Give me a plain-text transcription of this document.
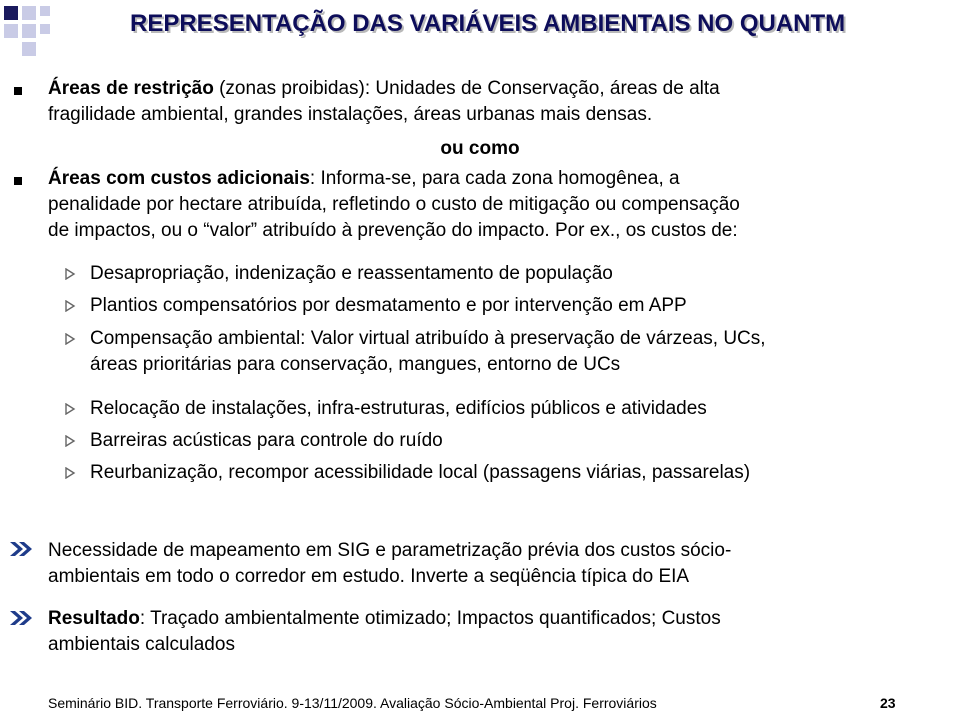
REPRESENTAÇÃO DAS VARIÁVEIS AMBIENTAIS NO QUANTM
Áreas de restrição (zonas proibidas): Unidades de Conservação, áreas de alta
fragilidade ambiental, grandes instalações, áreas urbanas mais densas.
ou como
Áreas com custos adicionais: Informa-se, para cada zona homogênea, a
penalidade por hectare atribuída, refletindo o custo de mitigação ou compensação
de impactos, ou o “valor” atribuído à prevenção do impacto. Por ex., os custos de:
Desapropriação, indenização e reassentamento de população
Plantios compensatórios por desmatamento e por intervenção em APP
Compensação ambiental: Valor virtual atribuído à preservação de várzeas, UCs,
áreas prioritárias para conservação, mangues, entorno de UCs
Relocação de instalações, infra-estruturas, edifícios públicos e atividades
Barreiras acústicas para controle do ruído
Reurbanização, recompor acessibilidade local (passagens viárias, passarelas)
Necessidade de mapeamento em SIG e parametrização prévia dos custos sócio-
ambientais em todo o corredor em estudo. Inverte a seqüência típica do EIA
Resultado: Traçado ambientalmente otimizado; Impactos quantificados; Custos
ambientais calculados
Seminário BID. Transporte Ferroviário. 9-13/11/2009. Avaliação Sócio-Ambiental Proj. Ferroviários	23
